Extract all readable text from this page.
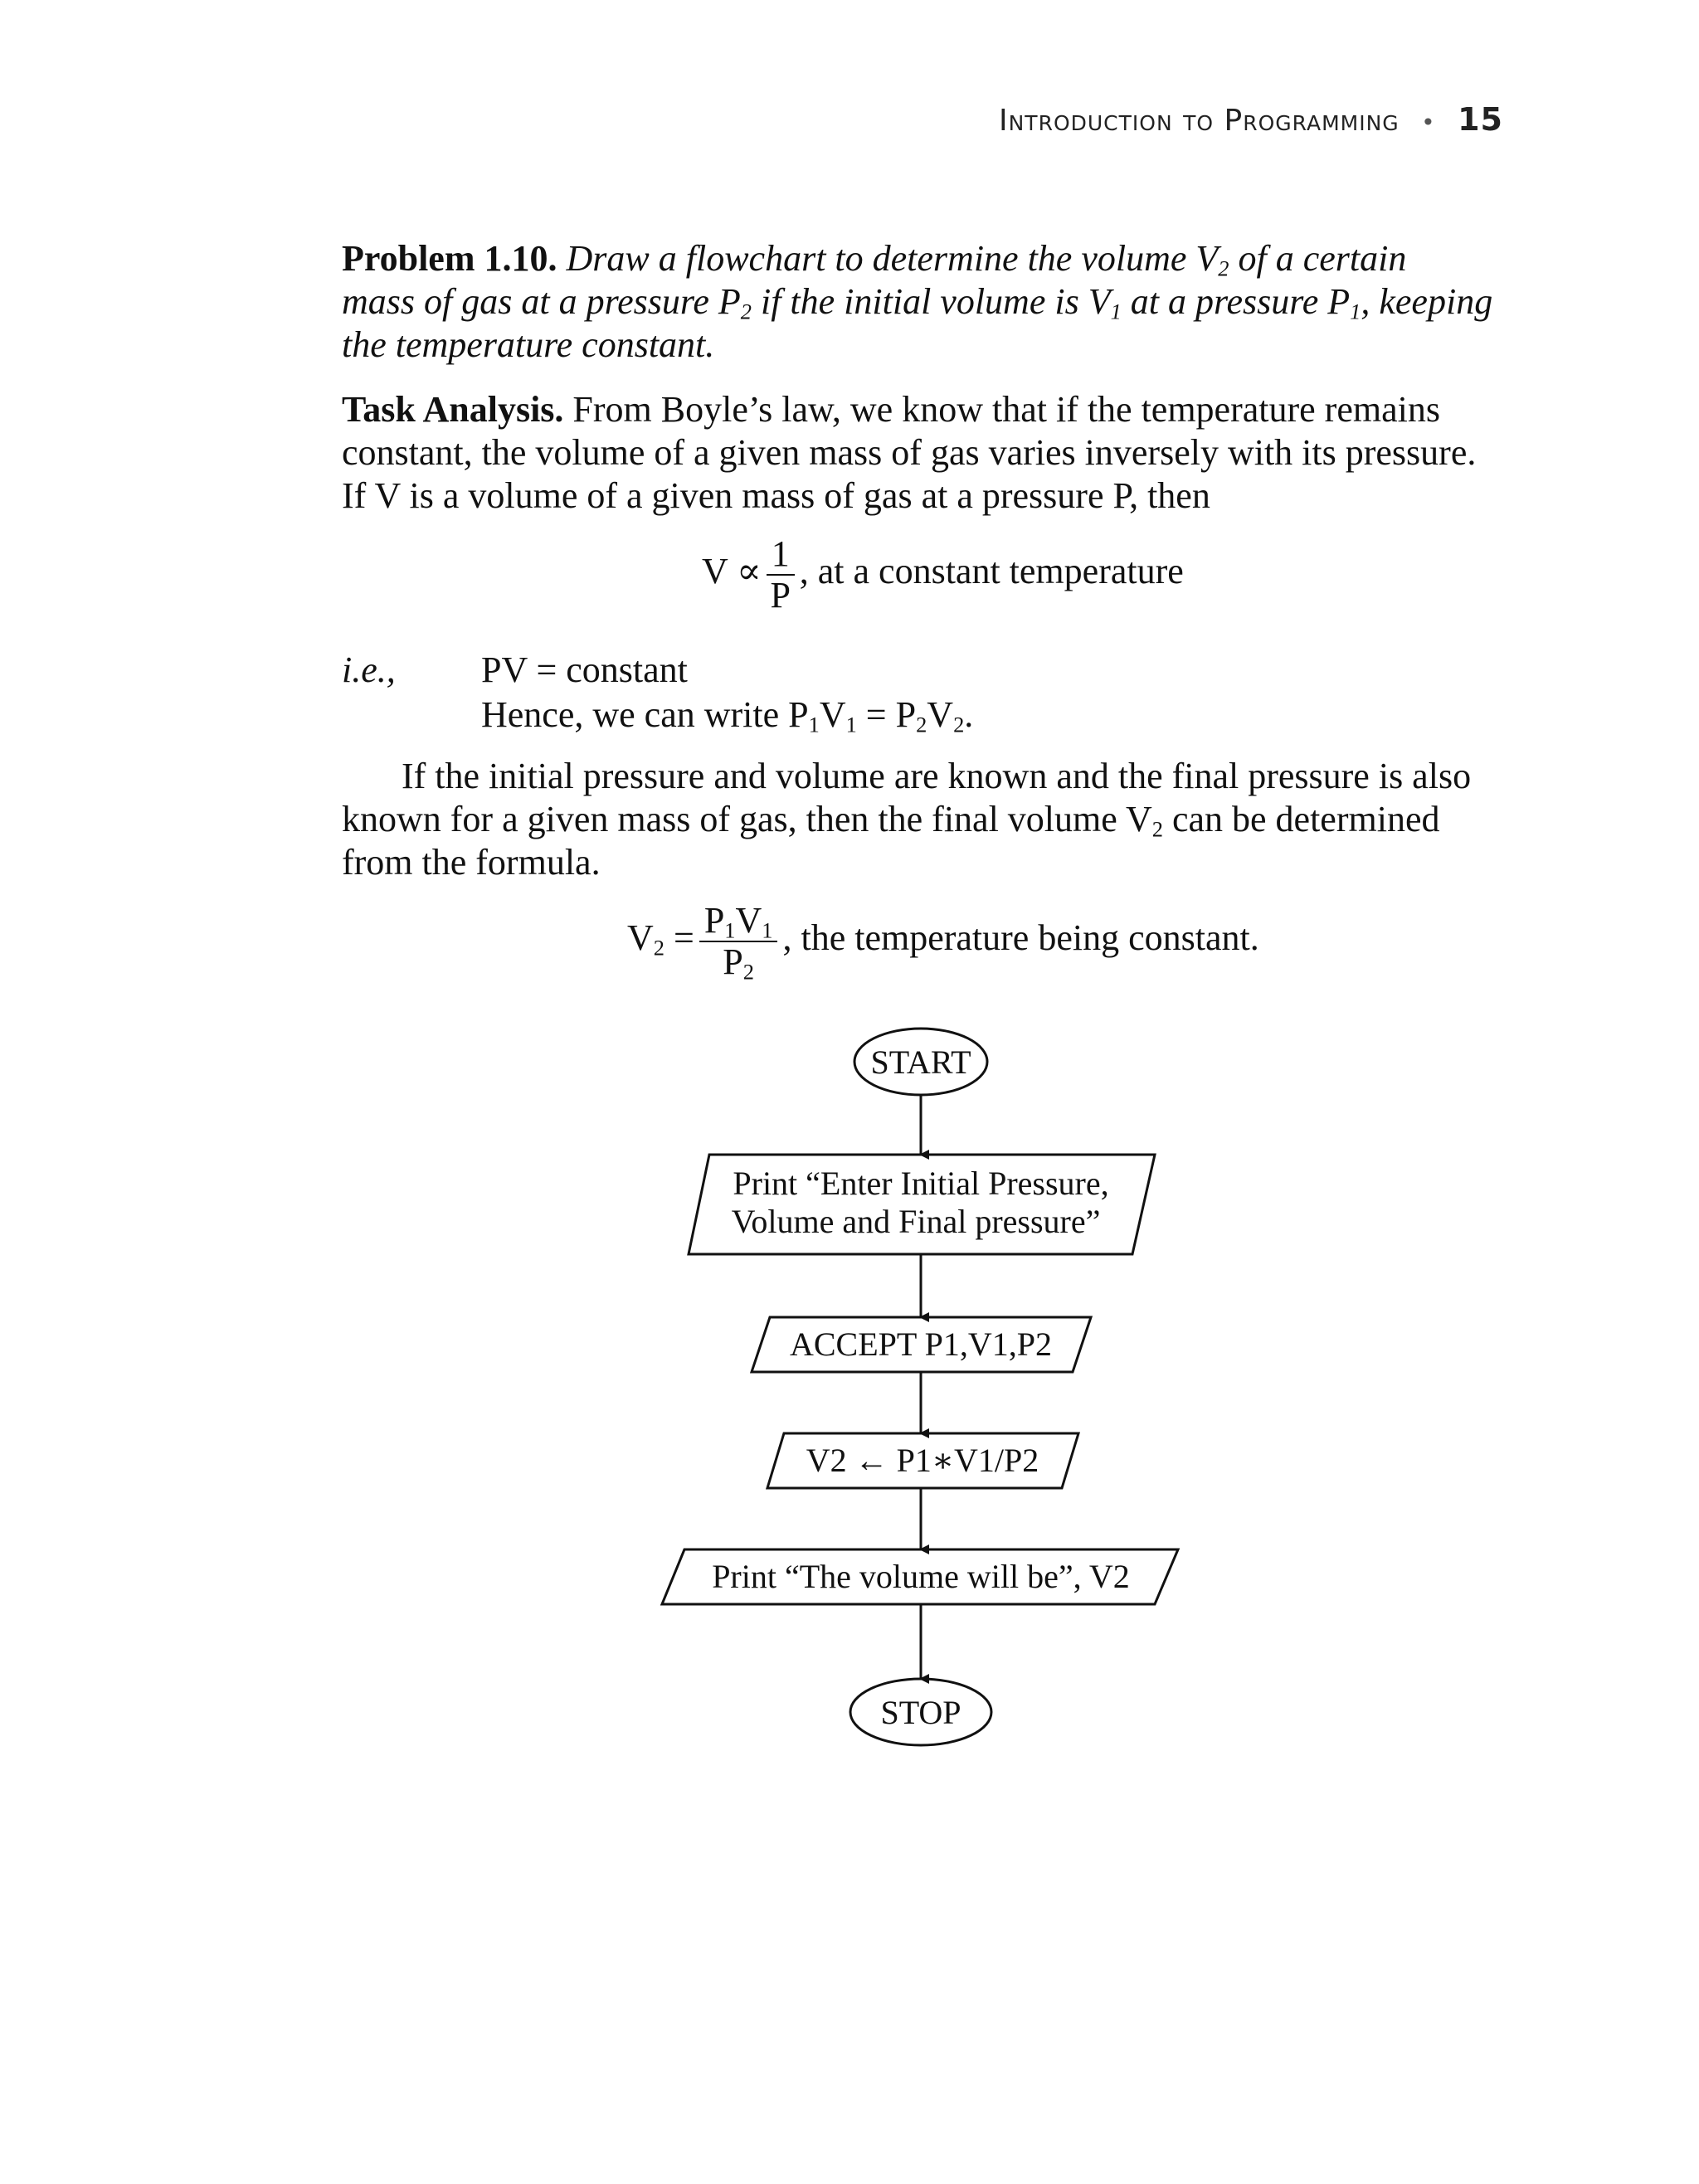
Introduction to Programming • 15
Problem 1.10. Draw a flowchart to determine the volume $V_2$ of a certain
mass of gas at a pressure $P_2$ if the initial volume is $V_1$ at a pressure $P_1$, keeping
the temperature constant.
Task Analysis. From Boyle’s law, we know that if the temperature remains
constant, the volume of a given mass of gas varies inversely with its pressure.
If V is a volume of a given mass of gas at a pressure P, then
$V \propto \frac{1}{P}$ , at a constant temperature
i.e., PV = constant
Hence, we can write $P_1V_1 = P_2V_2$.
If the initial pressure and volume are known and the final pressure is also
known for a given mass of gas, then the final volume $V_2$ can be determined
from the formula.
$V_2 = \frac{P_1V_1}{P_2}$ , the temperature being constant.
START
Print “Enter Initial Pressure,
Volume and Final pressure”
ACCEPT P1,V1,P2
V2 ← P1∗V1/P2
Print “The volume will be”, V2
STOP
